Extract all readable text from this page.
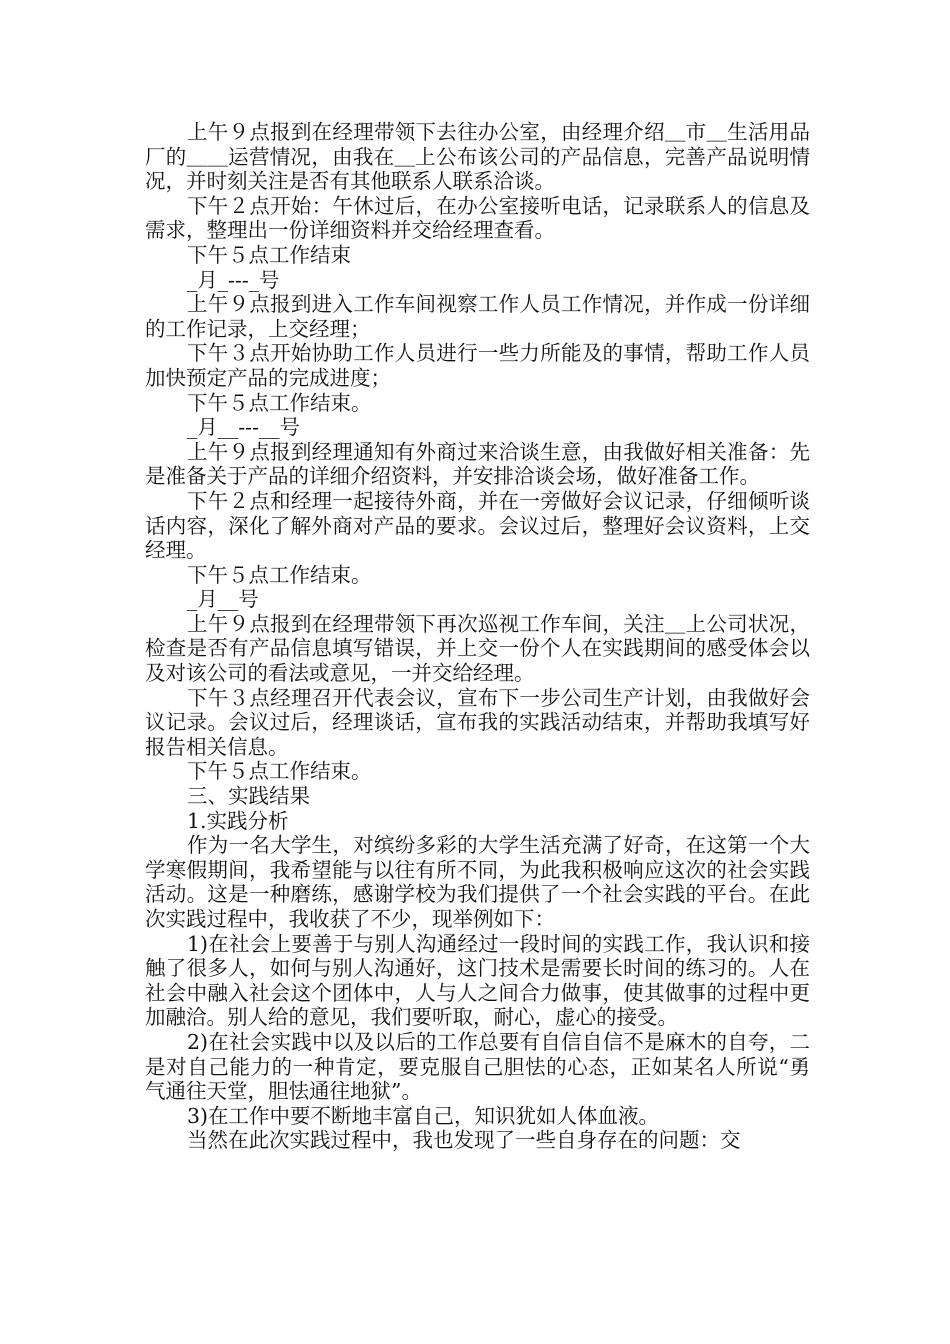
上午９点报到在经理带领下去往办公室，由经理介绍＿市＿生活用品厂的＿＿运营情况，由我在＿上公布该公司的产品信息，完善产品说明情况，并时刻关注是否有其他联系人联系洽谈。

下午２点开始：午休过后，在办公室接听电话，记录联系人的信息及需求，整理出一份详细资料并交给经理查看。

下午５点工作结束

_月_---_号

上午９点报到进入工作车间视察工作人员工作情况，并作成一份详细的工作记录，上交经理；

下午３点开始协助工作人员进行一些力所能及的事情，帮助工作人员加快预定产品的完成进度；

下午５点工作结束。

_月__---__号

上午９点报到经理通知有外商过来洽谈生意，由我做好相关准备：先是准备关于产品的详细介绍资料，并安排洽谈会场，做好准备工作。

下午２点和经理一起接待外商，并在一旁做好会议记录，仔细倾听谈话内容，深化了解外商对产品的要求。会议过后，整理好会议资料，上交经理。

下午５点工作结束。

_月__号

上午９点报到在经理带领下再次巡视工作车间，关注＿上公司状况，检查是否有产品信息填写错误，并上交一份个人在实践期间的感受体会以及对该公司的看法或意见，一并交给经理。

下午３点经理召开代表会议，宣布下一步公司生产计划，由我做好会议记录。会议过后，经理谈话，宣布我的实践活动结束，并帮助我填写好报告相关信息。

下午５点工作结束。

三、实践结果

1.实践分析

作为一名大学生，对缤纷多彩的大学生活充满了好奇，在这第一个大学寒假期间，我希望能与以往有所不同，为此我积极响应这次的社会实践活动。这是一种磨练，感谢学校为我们提供了一个社会实践的平台。在此次实践过程中，我收获了不少，现举例如下：

1)在社会上要善于与别人沟通经过一段时间的实践工作，我认识和接触了很多人，如何与别人沟通好，这门技术是需要长时间的练习的。人在社会中融入社会这个团体中，人与人之间合力做事，使其做事的过程中更加融洽。别人给的意见，我们要听取，耐心，虚心的接受。

2)在社会实践中以及以后的工作总要有自信自信不是麻木的自夸，二是对自己能力的一种肯定，要克服自己胆怯的心态，正如某名人所说“勇气通往天堂，胆怯通往地狱”。

3)在工作中要不断地丰富自己，知识犹如人体血液。

当然在此次实践过程中，我也发现了一些自身存在的问题：交
